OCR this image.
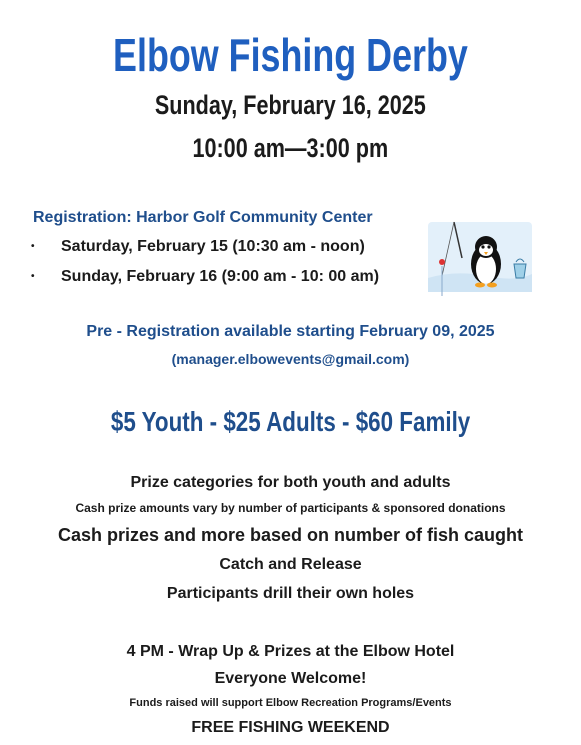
Elbow Fishing Derby
Sunday, February 16, 2025
10:00 am—3:00 pm
Registration: Harbor Golf Community Center
• Saturday, February 15 (10:30 am - noon)
• Sunday, February 16 (9:00 am - 10: 00 am)
Pre - Registration available starting February 09, 2025
(manager.elbowevents@gmail.com)
$5 Youth - $25 Adults - $60 Family
Prize categories for both youth and adults
Cash prize amounts vary by number of participants & sponsored donations
Cash prizes and more based on number of fish caught
Catch and Release
Participants drill their own holes
4 PM - Wrap Up & Prizes at the Elbow Hotel
Everyone Welcome!
Funds raised will support Elbow Recreation Programs/Events
FREE FISHING WEEKEND
